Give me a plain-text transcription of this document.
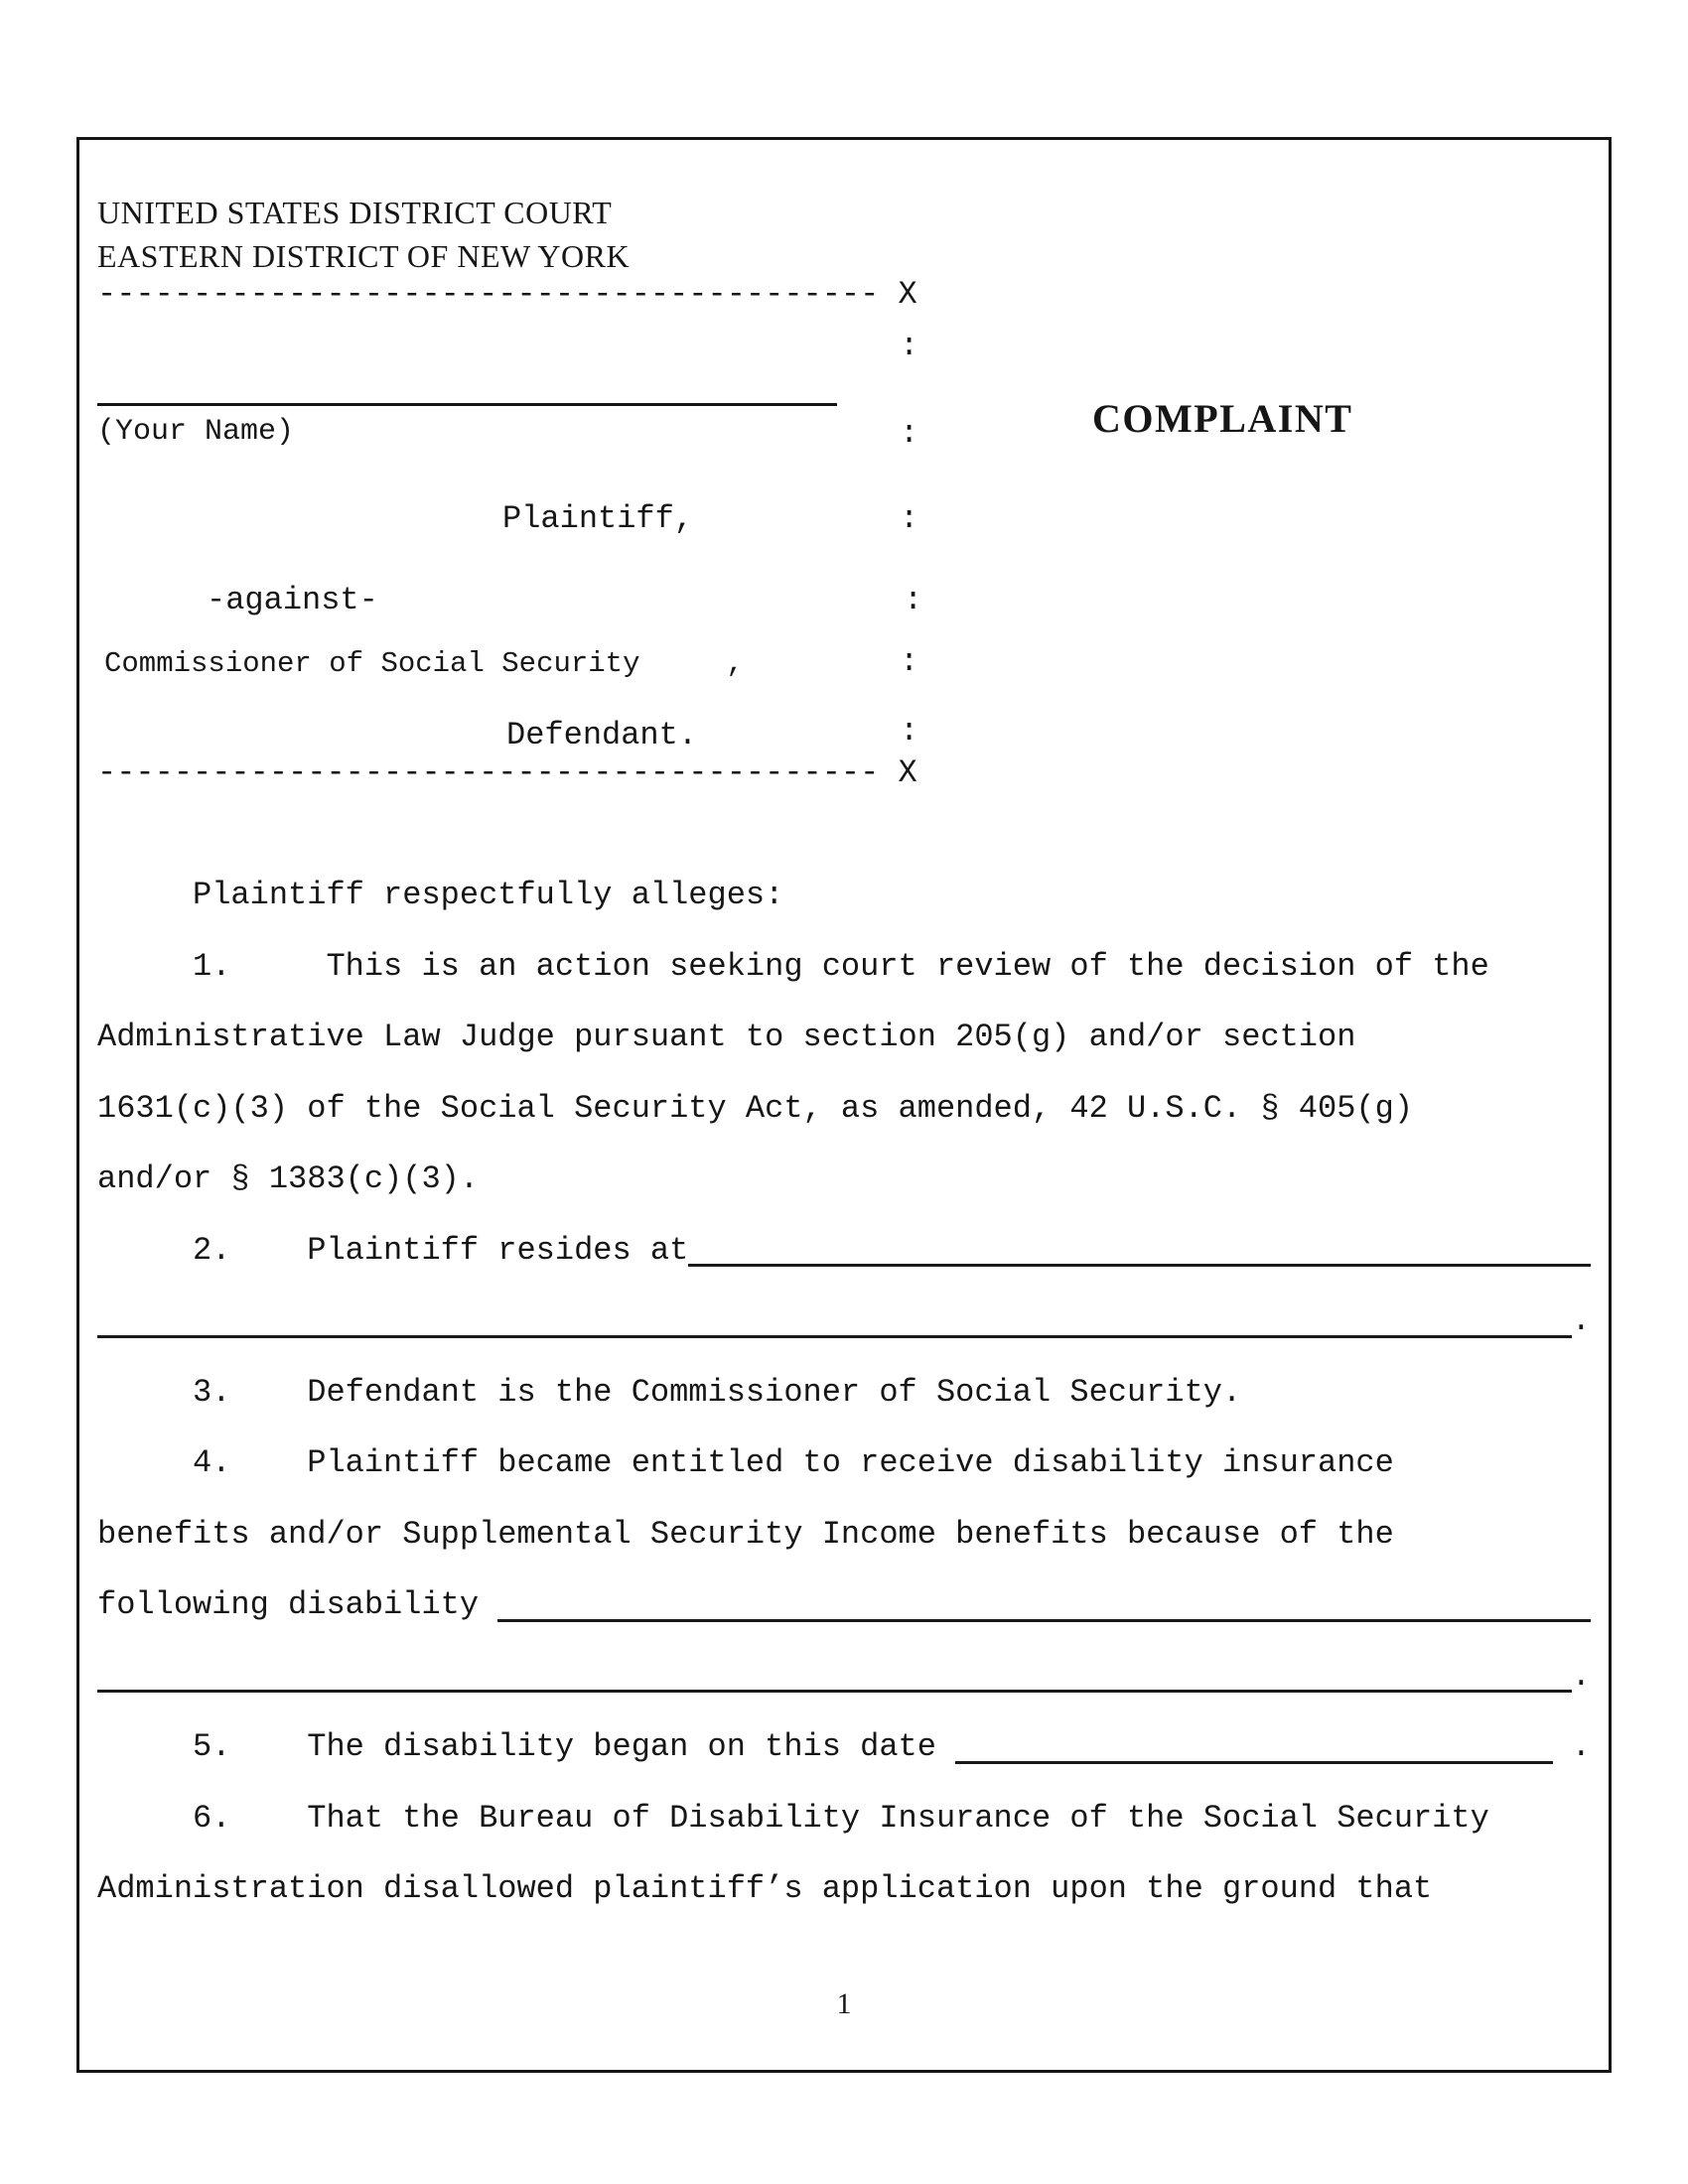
UNITED STATES DISTRICT COURT
EASTERN DISTRICT OF NEW YORK
----------------------------------------- X
:
(Your Name)	:	COMPLAINT
Plaintiff,	:
-against-	:
Commissioner of Social Security     ,	:
Defendant.	:
----------------------------------------- X
Plaintiff respectfully alleges:
1.     This is an action seeking court review of the decision of the
Administrative Law Judge pursuant to section 205(g) and/or section
1631(c)(3) of the Social Security Act, as amended, 42 U.S.C. § 405(g)
and/or § 1383(c)(3).
2.    Plaintiff resides at
.
3.    Defendant is the Commissioner of Social Security.
4.    Plaintiff became entitled to receive disability insurance
benefits and/or Supplemental Security Income benefits because of the
following disability
.
5.    The disability began on this date	.
6.    That the Bureau of Disability Insurance of the Social Security
Administration disallowed plaintiff’s application upon the ground that
1
